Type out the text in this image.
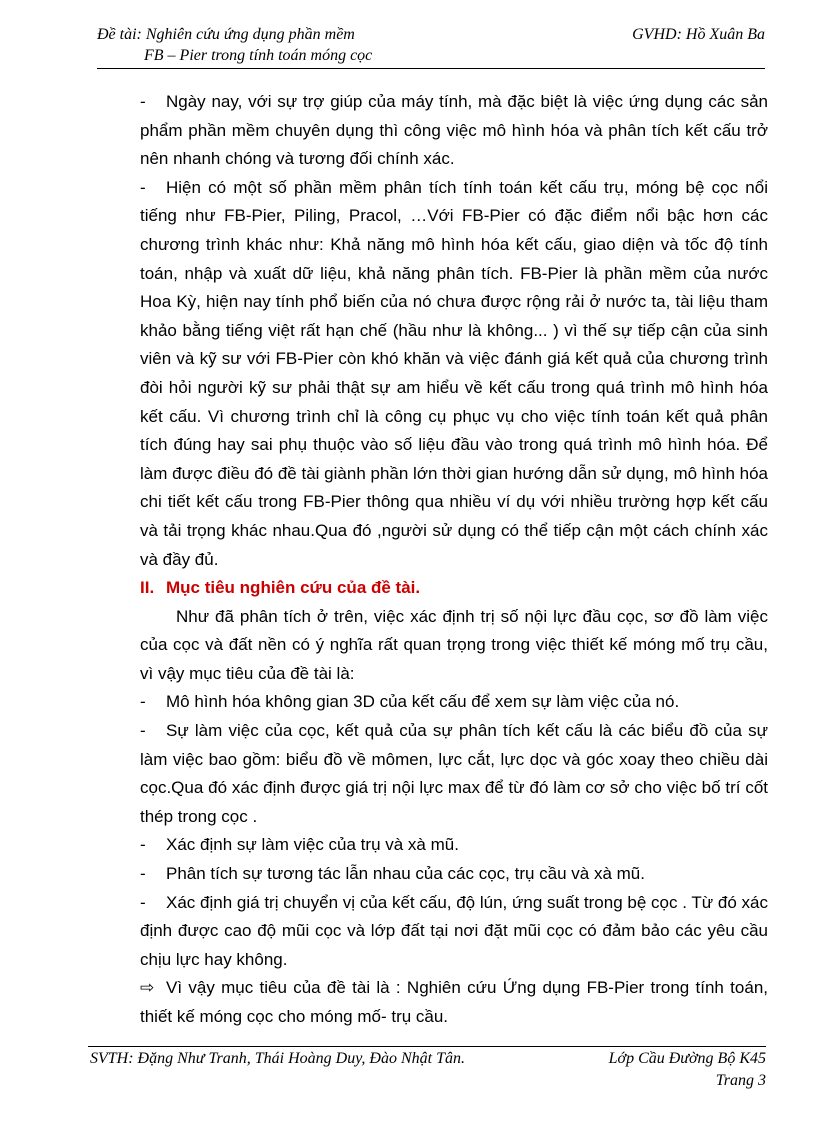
Đề tài: Nghiên cứu ứng dụng phần mềm
FB – Pier trong tính toán móng cọc
GVHD: Hồ Xuân Ba

- Ngày nay, với sự trợ giúp của máy tính, mà đặc biệt là việc ứng dụng các sản phẩm phần mềm chuyên dụng thì công việc mô hình hóa và phân tích kết cấu trở nên nhanh chóng và tương đối chính xác.

- Hiện có một số phần mềm phân tích tính toán kết cấu trụ, móng bệ cọc nổi tiếng như FB-Pier, Piling, Pracol, …Với FB-Pier có đặc điểm nổi bậc hơn các chương trình khác như: Khả năng mô hình hóa kết cấu, giao diện và tốc độ tính toán, nhập và xuất dữ liệu, khả năng phân tích. FB-Pier là phần mềm của nước Hoa Kỳ, hiện nay tính phổ biến của nó chưa được rộng rải ở nước ta, tài liệu tham khảo bằng tiếng việt rất hạn chế (hầu như là không... ) vì thế sự tiếp cận của sinh viên và kỹ sư với FB-Pier còn khó khăn và việc đánh giá kết quả của chương trình đòi hỏi người kỹ sư phải thật sự am hiểu về kết cấu trong quá trình mô hình hóa kết cấu. Vì chương trình chỉ là công cụ phục vụ cho việc tính toán kết quả phân tích đúng hay sai phụ thuộc vào số liệu đầu vào trong quá trình mô hình hóa. Để làm được điều đó đề tài giành phần lớn thời gian hướng dẫn sử dụng, mô hình hóa chi tiết kết cấu trong FB-Pier thông qua nhiều ví dụ với nhiều trường hợp kết cấu và tải trọng khác nhau.Qua đó ,người sử dụng có thể tiếp cận một cách chính xác và đầy đủ.

II. Mục tiêu nghiên cứu của đề tài.

Như đã phân tích ở trên, việc xác định trị số nội lực đầu cọc, sơ đồ làm việc của cọc và đất nền có ý nghĩa rất quan trọng trong việc thiết kế móng mố trụ cầu, vì vậy mục tiêu của đề tài là:

- Mô hình hóa không gian 3D của kết cấu để xem sự làm việc của nó.

- Sự làm việc của cọc, kết quả của sự phân tích kết cấu là các biểu đồ của sự làm việc bao gồm: biểu đồ về mômen, lực cắt, lực dọc và góc xoay theo chiều dài cọc.Qua đó xác định được giá trị nội lực max để từ đó làm cơ sở cho việc bố trí cốt thép trong cọc .

- Xác định sự làm việc của trụ và xà mũ.

- Phân tích sự tương tác lẫn nhau của các cọc, trụ cầu và xà mũ.

- Xác định giá trị chuyển vị của kết cấu, độ lún, ứng suất trong bệ cọc . Từ đó xác định được cao độ mũi cọc và lớp đất tại nơi đặt mũi cọc có đảm bảo các yêu cầu chịu lực hay không.

⇨ Vì vậy mục tiêu của đề tài là : Nghiên cứu Ứng dụng FB-Pier trong tính toán, thiết kế móng cọc cho móng mố- trụ cầu.

SVTH: Đặng Như Tranh, Thái Hoàng Duy, Đào Nhật Tân.	Lớp Cầu Đường Bộ K45
Trang 3
